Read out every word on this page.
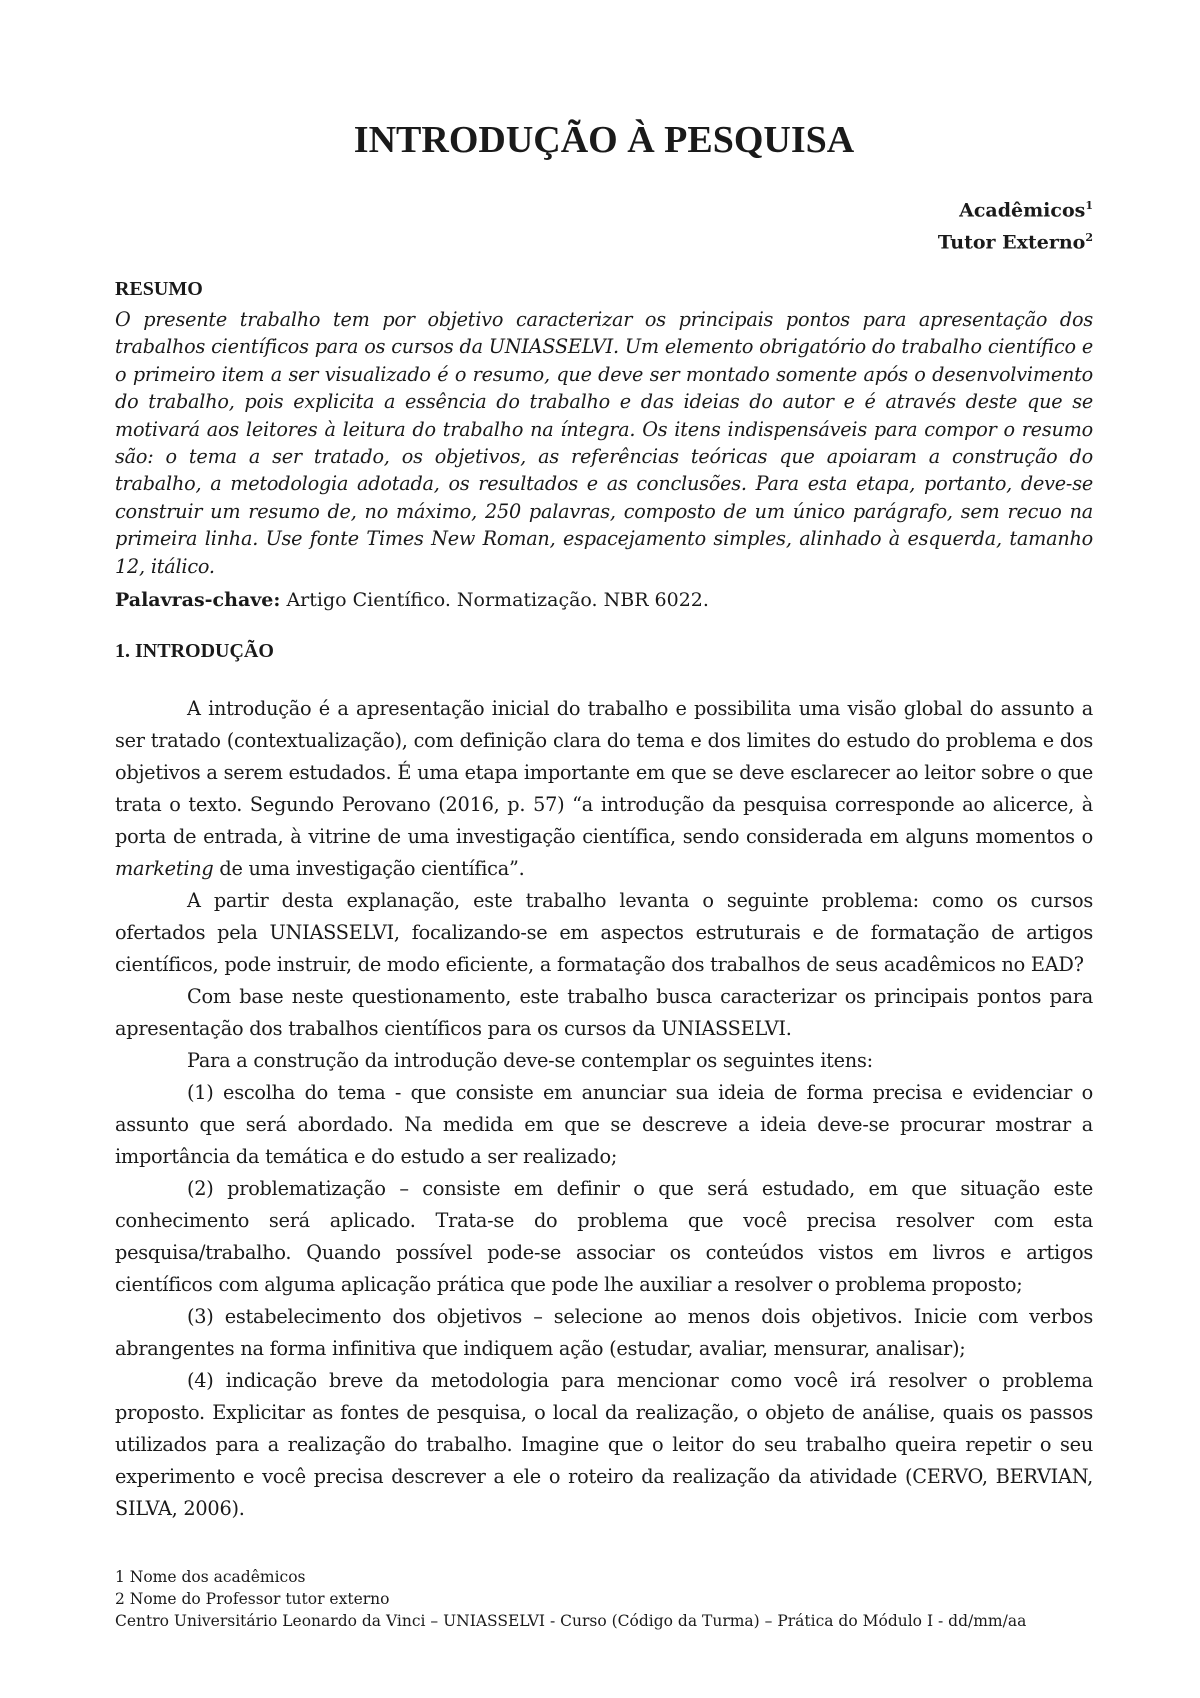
INTRODUÇÃO À PESQUISA
Acadêmicos$^1$
Tutor Externo$^2$
RESUMO

O presente trabalho tem por objetivo caracterizar os principais pontos para apresentação dos trabalhos científicos para os cursos da UNIASSELVI. Um elemento obrigatório do trabalho científico e o primeiro item a ser visualizado é o resumo, que deve ser montado somente após o desenvolvimento do trabalho, pois explicita a essência do trabalho e das ideias do autor e é através deste que se motivará aos leitores à leitura do trabalho na íntegra. Os itens indispensáveis para compor o resumo são: o tema a ser tratado, os objetivos, as referências teóricas que apoiaram a construção do trabalho, a metodologia adotada, os resultados e as conclusões. Para esta etapa, portanto, deve-se construir um resumo de, no máximo, 250 palavras, composto de um único parágrafo, sem recuo na primeira linha. Use fonte Times New Roman, espacejamento simples, alinhado à esquerda, tamanho 12, itálico.

Palavras-chave: Artigo Científico. Normatização. NBR 6022.
1. INTRODUÇÃO

A introdução é a apresentação inicial do trabalho e possibilita uma visão global do assunto a ser tratado (contextualização), com definição clara do tema e dos limites do estudo do problema e dos objetivos a serem estudados. É uma etapa importante em que se deve esclarecer ao leitor sobre o que trata o texto. Segundo Perovano (2016, p. 57) “a introdução da pesquisa corresponde ao alicerce, à porta de entrada, à vitrine de uma investigação científica, sendo considerada em alguns momentos o marketing de uma investigação científica”.

A partir desta explanação, este trabalho levanta o seguinte problema: como os cursos ofertados pela UNIASSELVI, focalizando-se em aspectos estruturais e de formatação de artigos científicos, pode instruir, de modo eficiente, a formatação dos trabalhos de seus acadêmicos no EAD?

Com base neste questionamento, este trabalho busca caracterizar os principais pontos para apresentação dos trabalhos científicos para os cursos da UNIASSELVI.

Para a construção da introdução deve-se contemplar os seguintes itens:

(1) escolha do tema - que consiste em anunciar sua ideia de forma precisa e evidenciar o assunto que será abordado. Na medida em que se descreve a ideia deve-se procurar mostrar a importância da temática e do estudo a ser realizado;

(2) problematização – consiste em definir o que será estudado, em que situação este conhecimento será aplicado. Trata-se do problema que você precisa resolver com esta pesquisa/trabalho. Quando possível pode-se associar os conteúdos vistos em livros e artigos científicos com alguma aplicação prática que pode lhe auxiliar a resolver o problema proposto;

(3) estabelecimento dos objetivos – selecione ao menos dois objetivos. Inicie com verbos abrangentes na forma infinitiva que indiquem ação (estudar, avaliar, mensurar, analisar);

(4) indicação breve da metodologia para mencionar como você irá resolver o problema proposto. Explicitar as fontes de pesquisa, o local da realização, o objeto de análise, quais os passos utilizados para a realização do trabalho. Imagine que o leitor do seu trabalho queira repetir o seu experimento e você precisa descrever a ele o roteiro da realização da atividade (CERVO, BERVIAN, SILVA, 2006).

1 Nome dos acadêmicos
2 Nome do Professor tutor externo
Centro Universitário Leonardo da Vinci – UNIASSELVI - Curso (Código da Turma) – Prática do Módulo I - dd/mm/aa
